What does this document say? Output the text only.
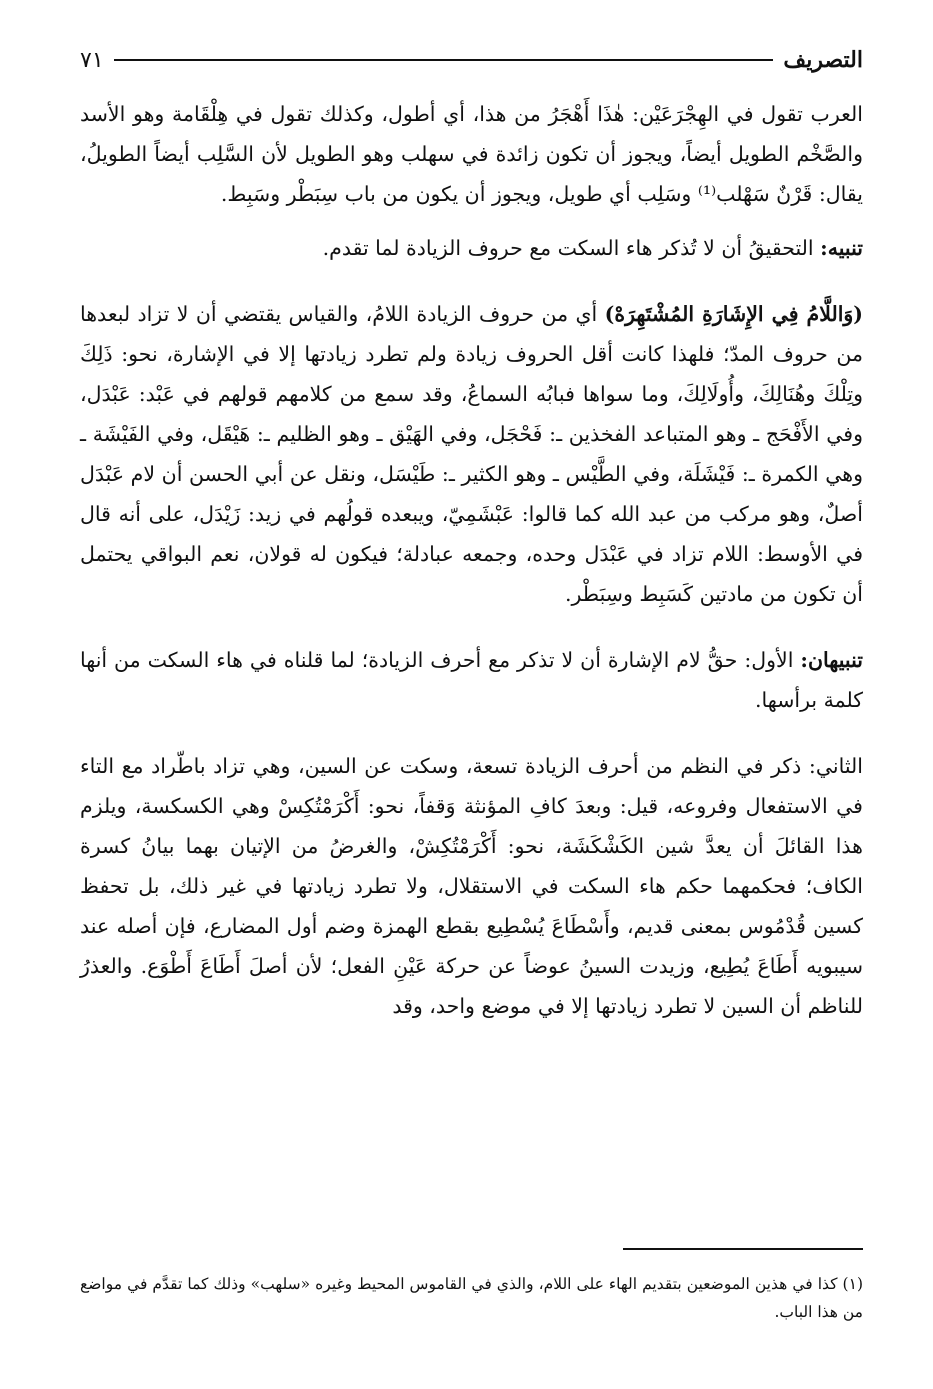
التصريف
٧١

العرب تقول في الهِجْرَعَيْن: هٰذَا أَهْجَرُ من هذا، أي أطول، وكذلك تقول في هِلْقَامة وهو الأسد والصَّخْم الطويل أيضاً، ويجوز أن تكون زائدة في سهلب وهو الطويل لأن السَّلِب أيضاً الطويلُ، يقال: قَرْنٌ سَهْلب⁽¹⁾ وسَلِب أي طويل، ويجوز أن يكون من باب سِبَطْر وسَبِط.

تنبيه: التحقيقُ أن لا تُذكر هاء السكت مع حروف الزيادة لما تقدم.

(وَاللَّامُ فِي الإِشَارَةِ المُشْتَهِرَهْ) أي من حروف الزيادة اللامُ، والقياس يقتضي أن لا تزاد لبعدها من حروف المدّ؛ فلهذا كانت أقل الحروف زيادة ولم تطرد زيادتها إلا في الإشارة، نحو: ذَلِكَ وتِلْكَ وهُنَالِكَ، وأُولَالِكَ، وما سواها فبابُه السماعُ، وقد سمع من كلامهم قولهم في عَبْد: عَبْدَل، وفي الأَفْحَج ـ وهو المتباعد الفخذين ـ: فَحْجَل، وفي الهَيْق ـ وهو الظليم ـ: هَيْقَل، وفي الفَيْشَة ـ وهي الكمرة ـ: فَيْشَلَة، وفي الطَّيْس ـ وهو الكثير ـ: طَيْسَل، ونقل عن أبي الحسن أن لام عَبْدَل أصلٌ، وهو مركب من عبد الله كما قالوا: عَبْشَمِيّ، ويبعده قولُهم في زيد: زَيْدَل، على أنه قال في الأوسط: اللام تزاد في عَبْدَل وحده، وجمعه عبادلة؛ فيكون له قولان، نعم البواقي يحتمل أن تكون من مادتين كَسَبِط وسِبَطْر.

تنبيهان: الأول: حقُّ لام الإشارة أن لا تذكر مع أحرف الزيادة؛ لما قلناه في هاء السكت من أنها كلمة برأسها.

الثاني: ذكر في النظم من أحرف الزيادة تسعة، وسكت عن السين، وهي تزاد باطّراد مع التاء في الاستفعال وفروعه، قيل: وبعدَ كافِ المؤنثة وَقفاً، نحو: أَكْرَمْتُكِسْ وهي الكسكسة، ويلزم هذا القائلَ أن يعدَّ شين الكَشْكَشَة، نحو: أَكْرَمْتُكِشْ، والغرضُ من الإتيان بهما بيانُ كسرة الكاف؛ فحكمهما حكم هاء السكت في الاستقلال، ولا تطرد زيادتها في غير ذلك، بل تحفظ كسين قُدْمُوس بمعنى قديم، وأَسْطَاعَ يُسْطِيع بقطع الهمزة وضم أول المضارع، فإن أصله عند سيبويه أَطَاعَ يُطِيع، وزيدت السينُ عوضاً عن حركة عَيْنِ الفعل؛ لأن أصلَ أَطَاعَ أَطْوَع. والعذرُ للناظم أن السين لا تطرد زيادتها إلا في موضع واحد، وقد

(١) كذا في هذين الموضعين بتقديم الهاء على اللام، والذي في القاموس المحيط وغيره «سلهب» وذلك كما تقدَّم في مواضع من هذا الباب.
